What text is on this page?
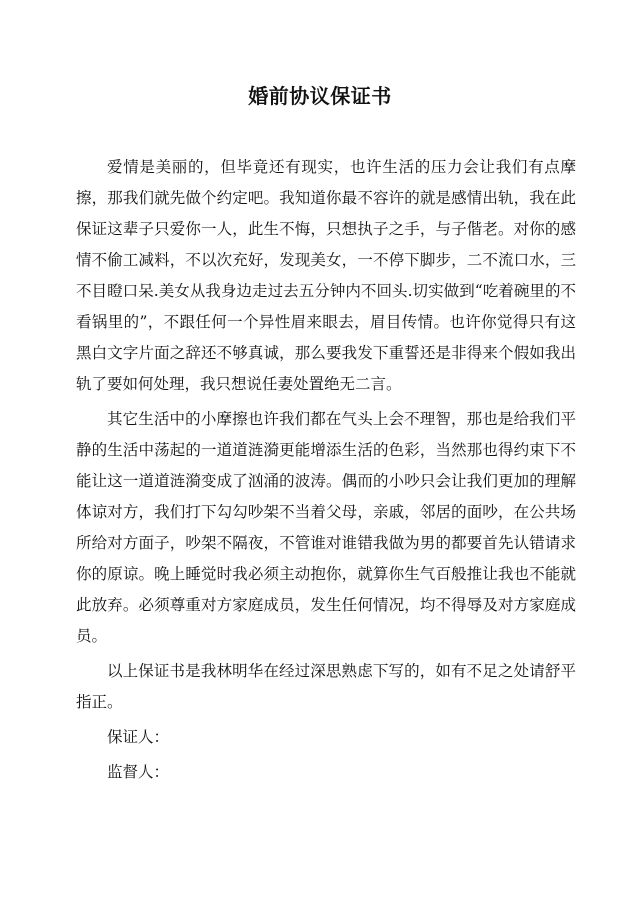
婚前协议保证书

爱情是美丽的，但毕竟还有现实，也许生活的压力会让我们有点摩擦，那我们就先做个约定吧。我知道你最不容许的就是感情出轨，我在此保证这辈子只爱你一人，此生不悔，只想执子之手，与子偕老。对你的感情不偷工减料，不以次充好，发现美女，一不停下脚步，二不流口水，三不目瞪口呆.美女从我身边走过去五分钟内不回头.切实做到“吃着碗里的不看锅里的”，不跟任何一个异性眉来眼去，眉目传情。也许你觉得只有这黑白文字片面之辞还不够真诚，那么要我发下重誓还是非得来个假如我出轨了要如何处理，我只想说任妻处置绝无二言。

其它生活中的小摩擦也许我们都在气头上会不理智，那也是给我们平静的生活中荡起的一道道涟漪更能增添生活的色彩，当然那也得约束下不能让这一道道涟漪变成了汹涌的波涛。偶而的小吵只会让我们更加的理解体谅对方，我们打下勾勾吵架不当着父母，亲戚，邻居的面吵，在公共场所给对方面子，吵架不隔夜，不管谁对谁错我做为男的都要首先认错请求你的原谅。晚上睡觉时我必须主动抱你，就算你生气百般推让我也不能就此放弃。必须尊重对方家庭成员，发生任何情况，均不得辱及对方家庭成员。

以上保证书是我林明华在经过深思熟虑下写的，如有不足之处请舒平指正。

保证人：

监督人：
